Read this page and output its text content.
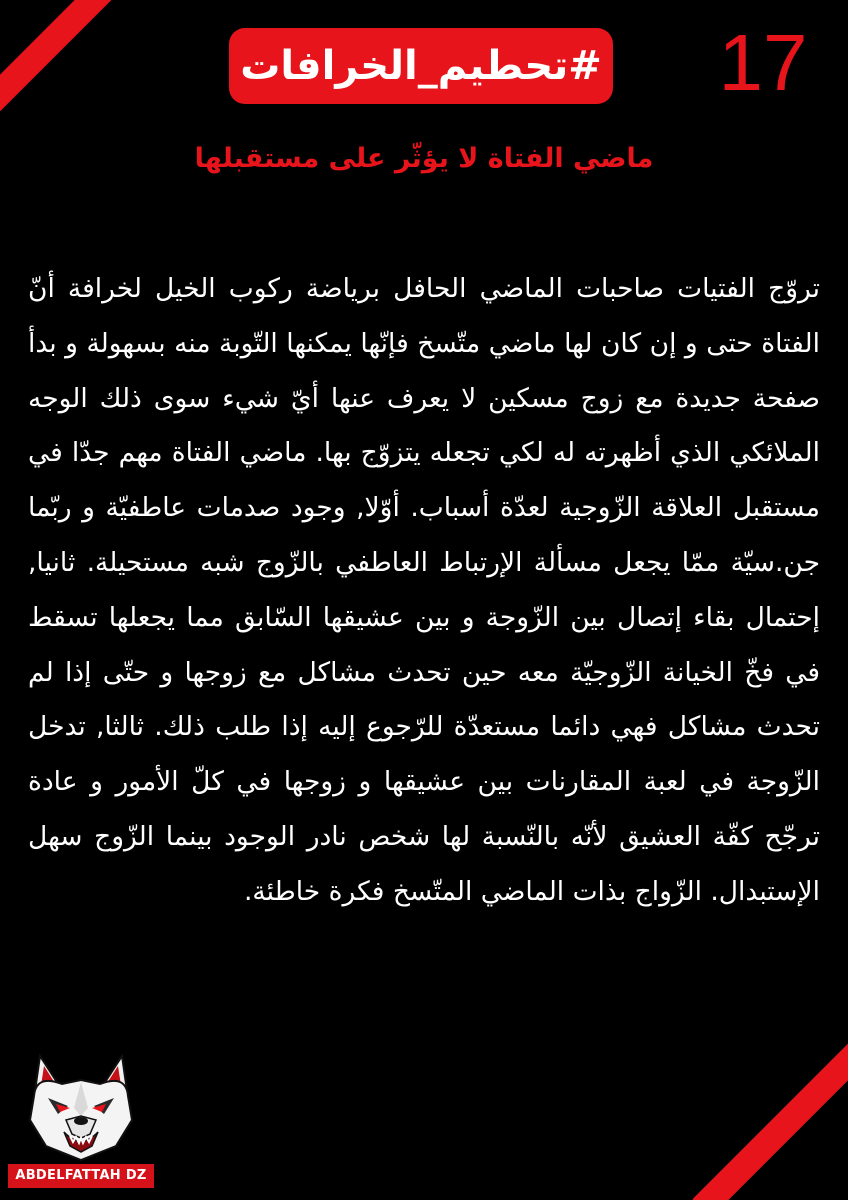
17
#تحطيم_الخرافات
ماضي الفتاة لا يؤثّر على مستقبلها

تروّج الفتيات صاحبات الماضي الحافل برياضة ركوب الخيل لخرافة أنّ الفتاة حتى و إن كان لها ماضي متّسخ فإنّها يمكنها التّوبة منه بسهولة و بدأ صفحة جديدة مع زوج مسكين لا يعرف عنها أيّ شيء سوى ذلك الوجه الملائكي الذي أظهرته له لكي تجعله يتزوّج بها. ماضي الفتاة مهم جدّا في مستقبل العلاقة الزّوجية لعدّة أسباب. أوّلا, وجود صدمات عاطفيّة و ربّما جن.سيّة ممّا يجعل مسألة الإرتباط العاطفي بالزّوج شبه مستحيلة. ثانيا, إحتمال بقاء إتصال بين الزّوجة و بين عشيقها السّابق مما يجعلها تسقط في فخّ الخيانة الزّوجيّة معه حين تحدث مشاكل مع زوجها و حتّى إذا لم تحدث مشاكل فهي دائما مستعدّة للرّجوع إليه إذا طلب ذلك. ثالثا, تدخل الزّوجة في لعبة المقارنات بين عشيقها و زوجها في كلّ الأمور و عادة ترجّح كفّة العشيق لأنّه بالنّسبة لها شخص نادر الوجود بينما الزّوج سهل الإستبدال. الزّواج بذات الماضي المتّسخ فكرة خاطئة.

ABDELFATTAH DZ
